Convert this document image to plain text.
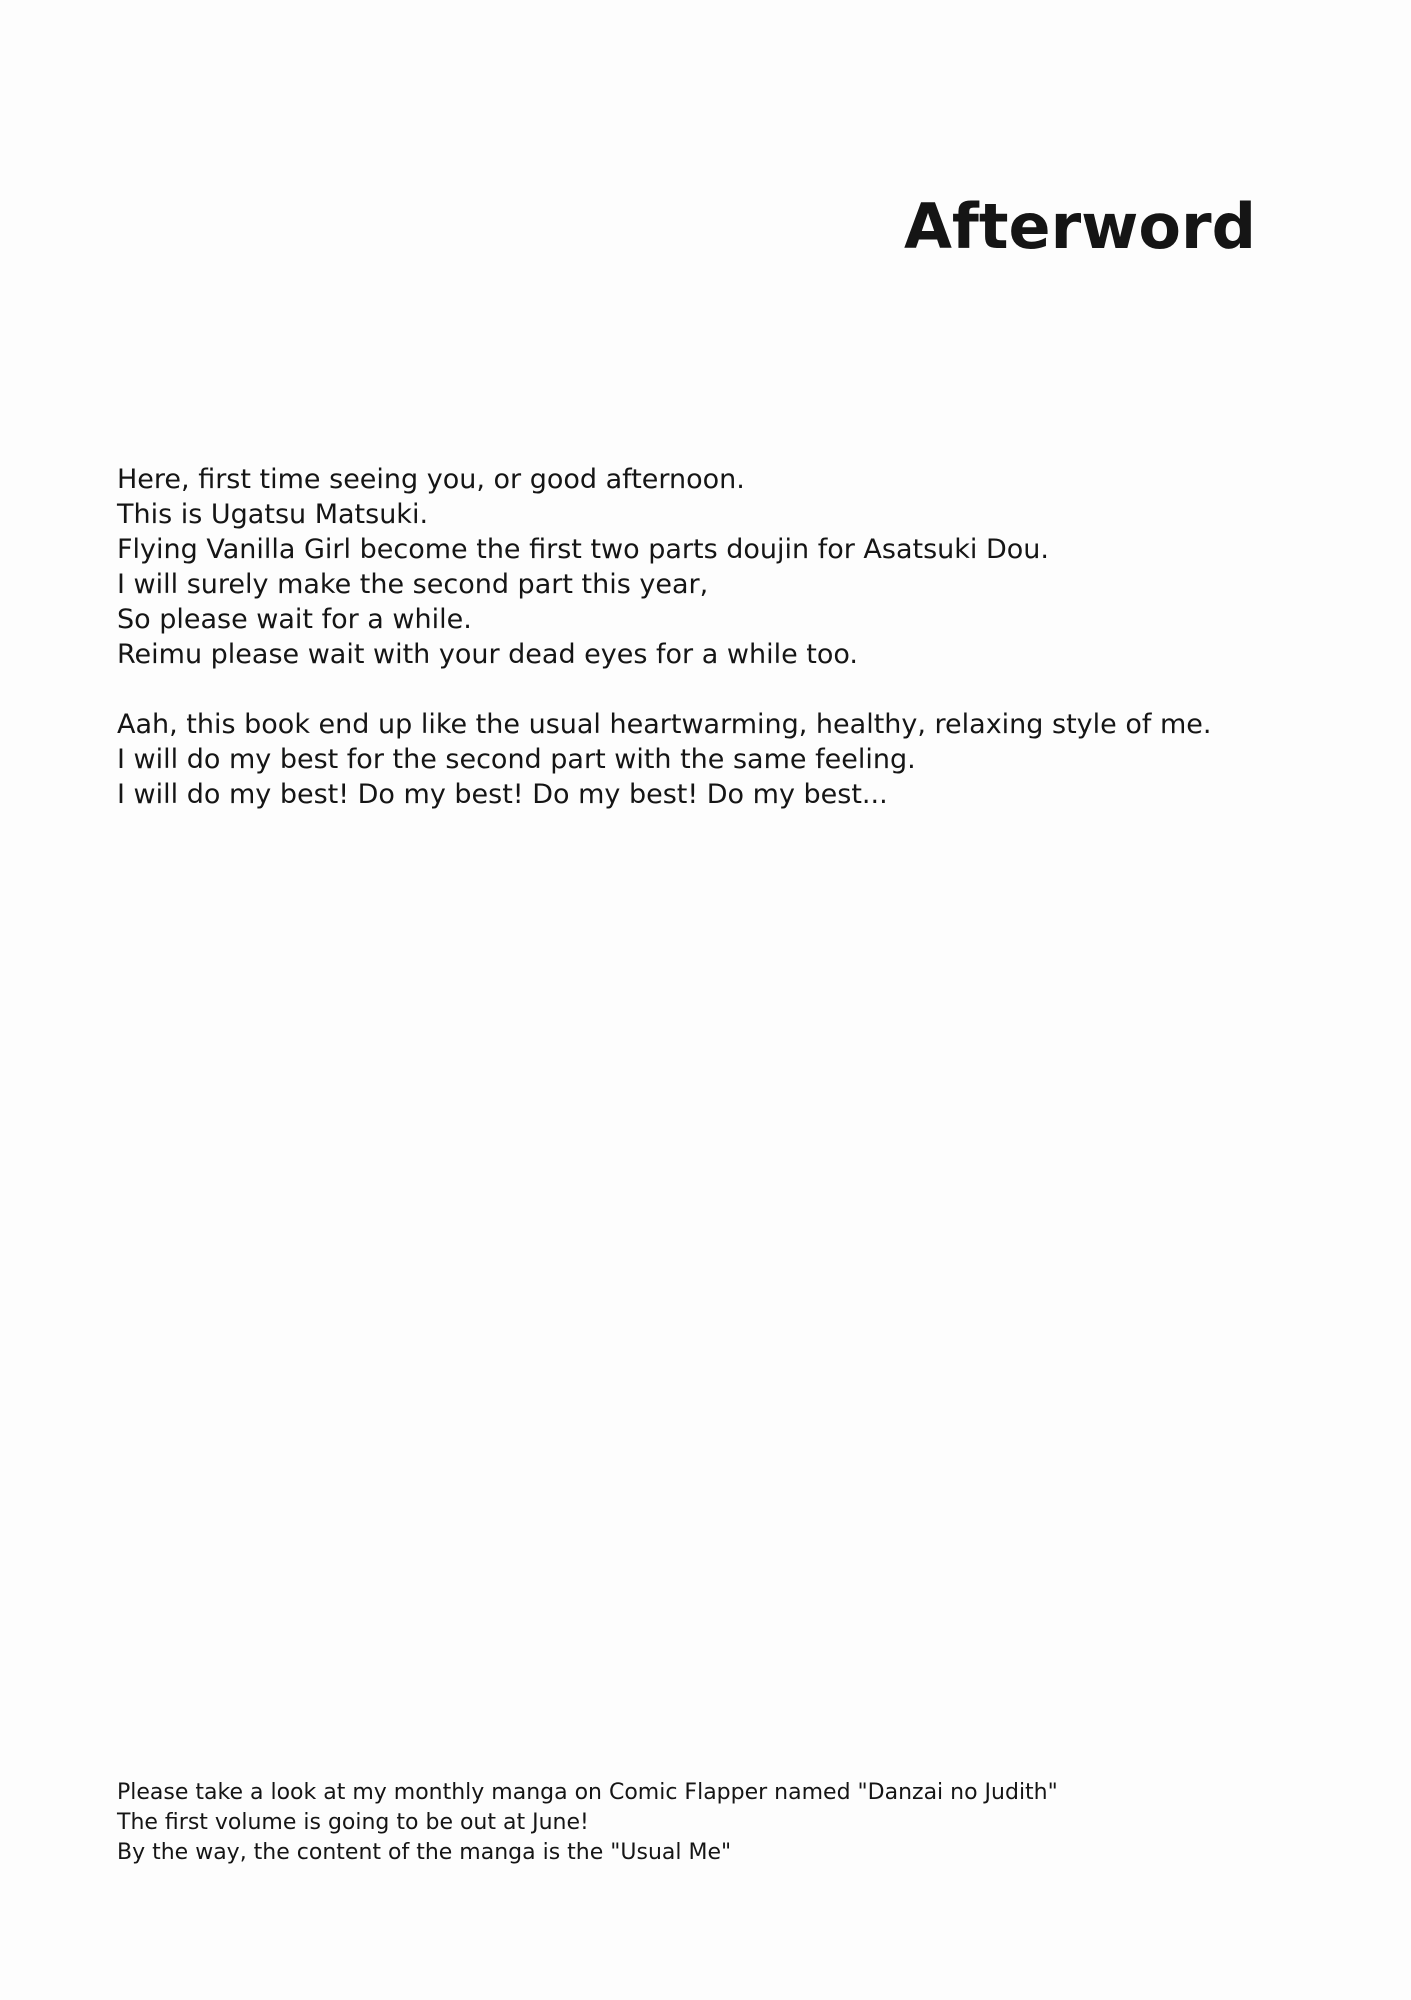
Afterword

Here, first time seeing you, or good afternoon.
This is Ugatsu Matsuki.
Flying Vanilla Girl become the first two parts doujin for Asatsuki Dou.
I will surely make the second part this year,
So please wait for a while.
Reimu please wait with your dead eyes for a while too.

Aah, this book end up like the usual heartwarming, healthy, relaxing style of me.
I will do my best for the second part with the same feeling.
I will do my best! Do my best! Do my best! Do my best...

Please take a look at my monthly manga on Comic Flapper named "Danzai no Judith"
The first volume is going to be out at June!
By the way, the content of the manga is the "Usual Me"
